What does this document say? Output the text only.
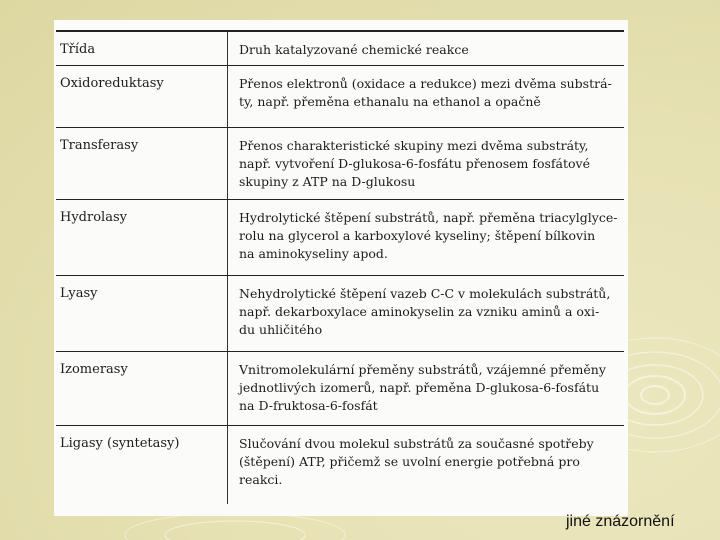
Třída	Druh katalyzované chemické reakce
Oxidoreduktasy	Přenos elektronů (oxidace a redukce) mezi dvěma substrá-
ty, např. přeměna ethanalu na ethanol a opačně
Transferasy	Přenos charakteristické skupiny mezi dvěma substráty,
např. vytvoření D-glukosa-6-fosfátu přenosem fosfátové
skupiny z ATP na D-glukosu
Hydrolasy	Hydrolytické štěpení substrátů, např. přeměna triacylglyce-
rolu na glycerol a karboxylové kyseliny; štěpení bílkovin
na aminokyseliny apod.
Lyasy	Nehydrolytické štěpení vazeb C-C v molekulách substrátů,
např. dekarboxylace aminokyselin za vzniku aminů a oxi-
du uhličitého
Izomerasy	Vnitromolekulární přeměny substrátů, vzájemné přeměny
jednotlivých izomerů, např. přeměna D-glukosa-6-fosfátu
na D-fruktosa-6-fosfát
Ligasy (syntetasy)	Slučování dvou molekul substrátů za současné spotřeby
(štěpení) ATP, přičemž se uvolní energie potřebná pro
reakci.
jiné znázornění
